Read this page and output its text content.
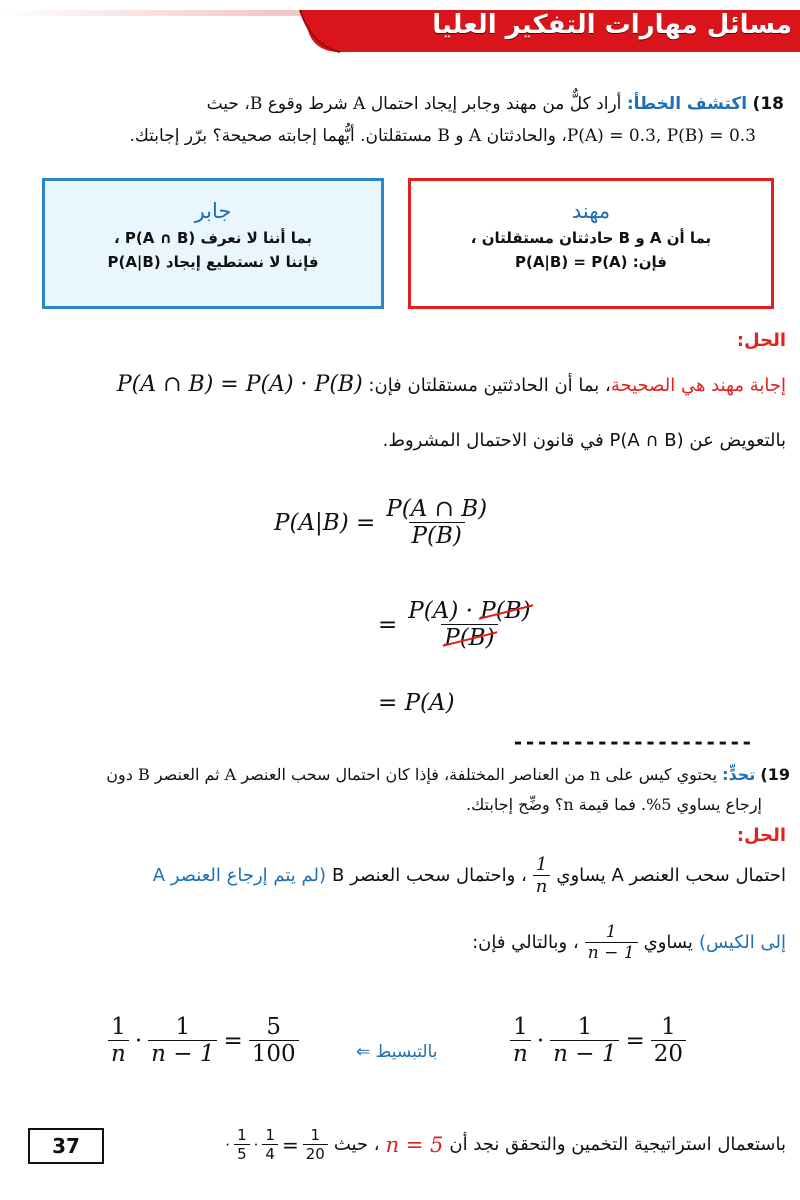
مسائل مهارات التفكير العليا
18) اكتشف الخطأ: أراد كلٌّ من مهند وجابر إيجاد احتمال A شرط وقوع B، حيث
P(A) = 0.3, P(B) = 0.3، والحادثتان A و B مستقلتان. أيُّهما إجابته صحيحة؟ برّر إجابتك.
مهند
بما أن A و B حادثتان مستقلتان ،
فإن: P(A|B) = P(A)
جابر
بما أننا لا نعرف P(A ∩ B) ،
فإننا لا نستطيع إيجاد P(A|B)
الحل:
إجابة مهند هي الصحيحة، بما أن الحادثتين مستقلتان فإن: P(A ∩ B) = P(A) · P(B)
بالتعويض عن P(A ∩ B) في قانون الاحتمال المشروط.
$P(A|B) = \frac{P(A \cap B)}{P(B)}$
= $\frac{P(A) \cdot P(B)}{P(B)}$
= P(A)
--------------------
19) تحدٍّ: يحتوي كيس على n من العناصر المختلفة، فإذا كان احتمال سحب العنصر A ثم العنصر B دون
إرجاع يساوي 5%. فما قيمة n؟ وضِّح إجابتك.
الحل:
احتمال سحب العنصر A يساوي
$\frac{1}{n}$
، واحتمال سحب العنصر B
(لم يتم إرجاع العنصر A
إلى الكيس)
يساوي
$\frac{1}{n - 1}$
، وبالتالي فإن:
$\frac{1}{n} \cdot \frac{1}{n - 1} = \frac{5}{100}$	بالتبسيط ⇐	$\frac{1}{n} \cdot \frac{1}{n - 1} = \frac{1}{20}$
باستعمال استراتيجية التخمين والتحقق نجد أن
n = 5
، حيث
· $\frac{1}{5} \cdot \frac{1}{4} = \frac{1}{20}$
37
